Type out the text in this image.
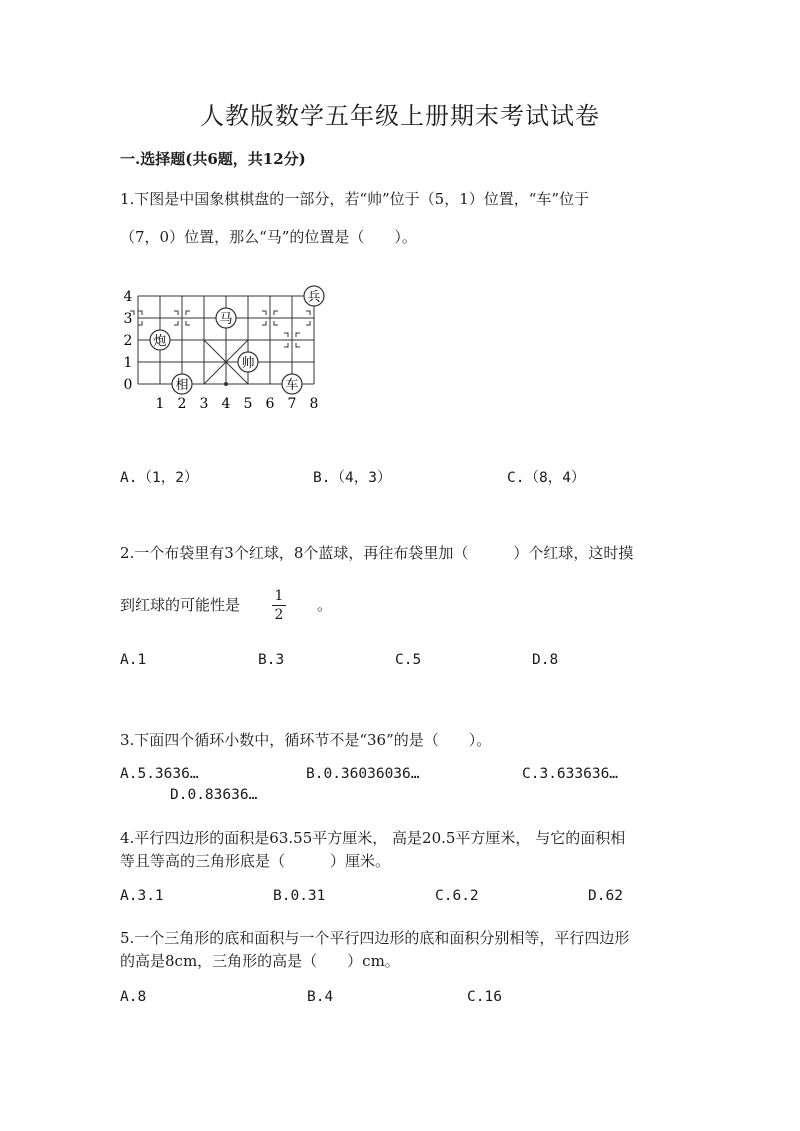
人教版数学五年级上册期末考试试卷
一.选择题(共6题，共12分)
1.下图是中国象棋棋盘的一部分，若“帅”位于（5，1）位置，“车”位于
（7，0）位置，那么“马”的位置是（　　）。
兵
马
炮
帅
相	车
0
1
2
3
4
1 2 3 4 5 6 7 8
A.（1，2）	B.（4，3）	C.（8，4）
2.一个布袋里有3个红球，8个蓝球，再往布袋里加（　　　）个红球，这时摸
到红球的可能性是 1
2
。
A.1	B.3	C.5	D.8
3.下面四个循环小数中，循环节不是“36”的是（　　）。
A.5.3636…	B.0.36036036…	C.3.633636…
D.0.83636…
4.平行四边形的面积是63.55平方厘米， 高是20.5平方厘米， 与它的面积相
等且等高的三角形底是（　　　）厘米。
A.3.1	B.0.31	C.6.2	D.62
5.一个三角形的底和面积与一个平行四边形的底和面积分别相等，平行四边形
的高是8cm，三角形的高是（　　）cm。
A.8	B.4	C.16
